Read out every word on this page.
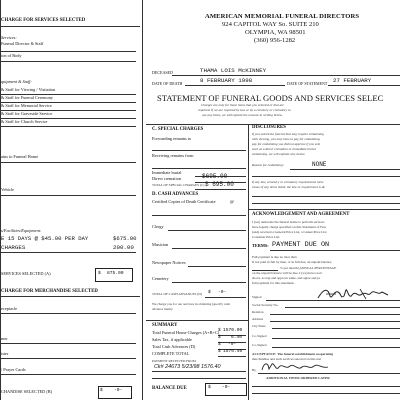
CHARGE FOR SERVICES SELECTED
Services:
Funeral Director & Staff
ion of Body
quipment & Staff:
& Staff for Viewing / Visitation
& Staff for Funeral Ceremony
& Staff for Memorial Service
& Staff for Graveside Service
& Staff for Church Service
ains to Funeral Home
Vehicle
s/Facilities/Equipment:
E 15 DAYS @ $45.00 PER DAY	$675.00
CHARGES	200.00
SERVICES SELECTED (A)	$ 875.00
CHARGE FOR MERCHANDISE SELECTED
eceptacle
mer
ister
/ Prayer Cards
CHANDISE SELECTED (B)	$ -0-
AMERICAN MEMORIAL FUNERAL DIRECTORS
924 CAPITOL WAY So. SUITE 210
OLYMPIA, WA 98501
(360) 956-1282
DECEASED	THAMA LOIS McKINNEY
DATE OF DEATH	8 FEBRUARY 1998	DATE OF STATEMENT 27 FEBRUARY
STATEMENT OF FUNERAL GOODS AND SERVICES SELEC
Charges are only for those items that you selected or that are
required. If we are required by law or by a cemetery or crematory to
use any items, we will explain the reasons in writing below.
C. SPECIAL CHARGES
Forwarding remains to
Receiving remains from
Immediate burial
Direct cremation	$695.00
TOTAL OF SPECIAL CHARGES (C) $ 695.00
D. CASH ADVANCES
Certified Copies of Death Certificate	@
Clergy
Musician
Newspaper Notices
Cemetery
TOTAL OF CASH ADVANCES (D) $ -0-
We charge you for our services in obtaining (specify cash
advance items)
SUMMARY
Total Funeral Home Charges (A+B+C)
$ 1570.00
Sales Tax, if applicable	$ 6.40
Total Cash Advances (D)	$ -0-
COMPLETE TOTAL	$ 1576.40
PAYMENT RECEIVED FROM
Ck# 24673 5/23/98 1576.40
BALANCE DUE	$ -0-
DISCLOSURES
If you selected a funeral that may require embalming
with viewing, you may have to pay for embalming.
pay for embalming you did not approve if you sele
such as a direct cremation or immediate burial
embalming, we will explain why below.
Reason for embalming:	NONE
If any law, cemetery or crematory requirements have
chase of any items listed, the law or requirement is de
ACKNOWLEDGEMENT AND AGREEMENT
I (we) authorize the funeral home to perform services
have legally charge specified on this Statement of Fun
(and) received a General Price List, a Casket Price List
Container Price List.
TERMS: PAYMENT DUE ON
Full payment is due no later than
If not paid in full by then, or in full due, an unpaid balance
% per month (ANNUAL PERCENTAGE
on the unpaid balance will be due. I (we) have read
above, accept and approve same, and agree and pr
full payment for this statement.
Signed
Social Security No.
Relation
Address
City/State
Co-Signed
Co-Signed
ACCEPTANCE: The funeral establishment cooperating
merchandise and such services selected on this stat
By
ADDITIONAL ITEMS ORDERED LATER
